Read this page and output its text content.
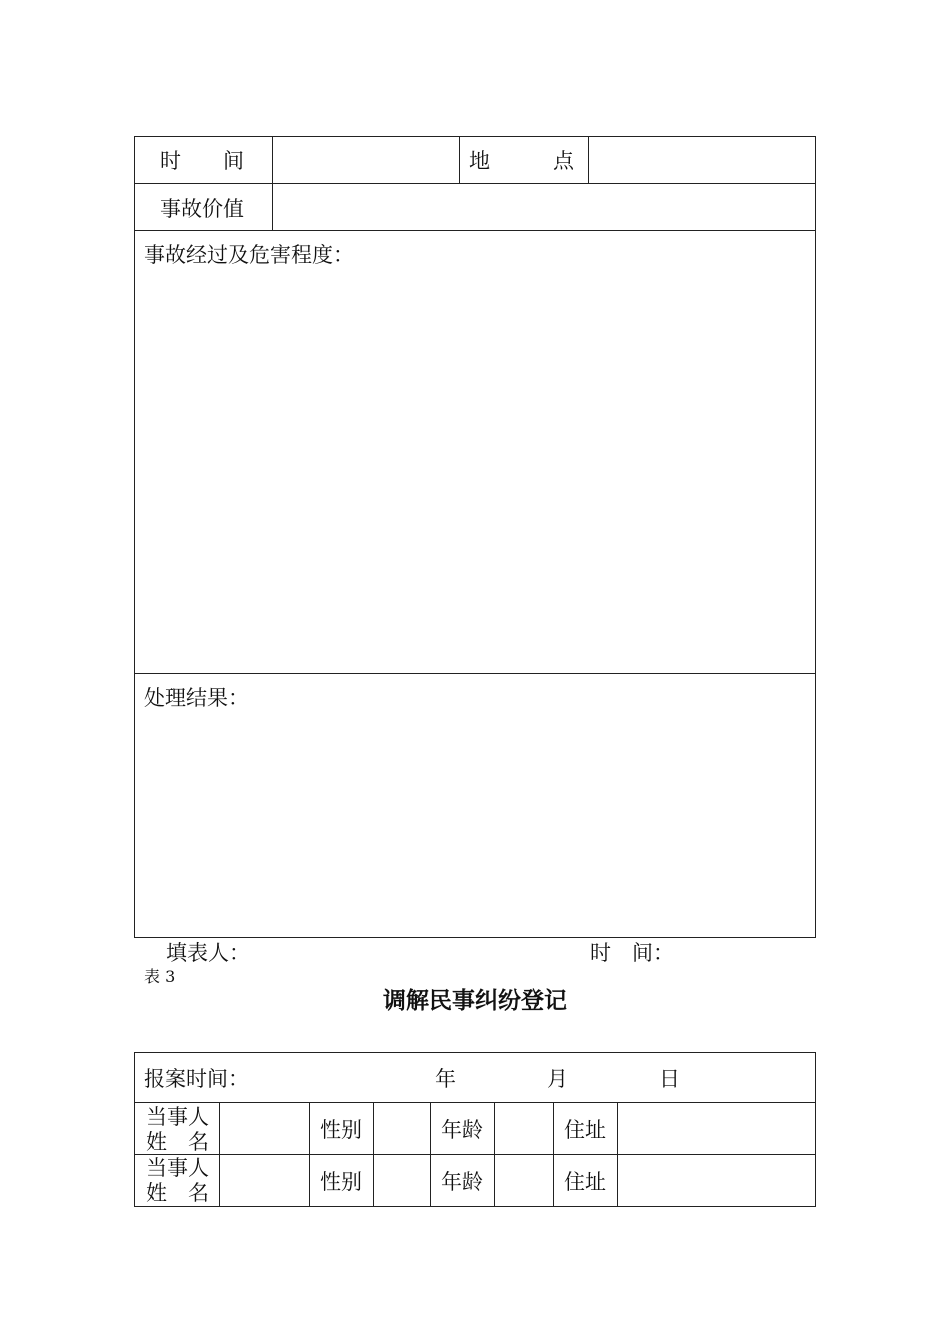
时　　间	地　　　点
事故价值
事故经过及危害程度：
处理结果：
填表人：	时　间：
表 3
调解民事纠纷登记
报案时间：	年	月	日
当事人
姓　名	性别	年龄	住址
当事人
姓　名	性别	年龄	住址
